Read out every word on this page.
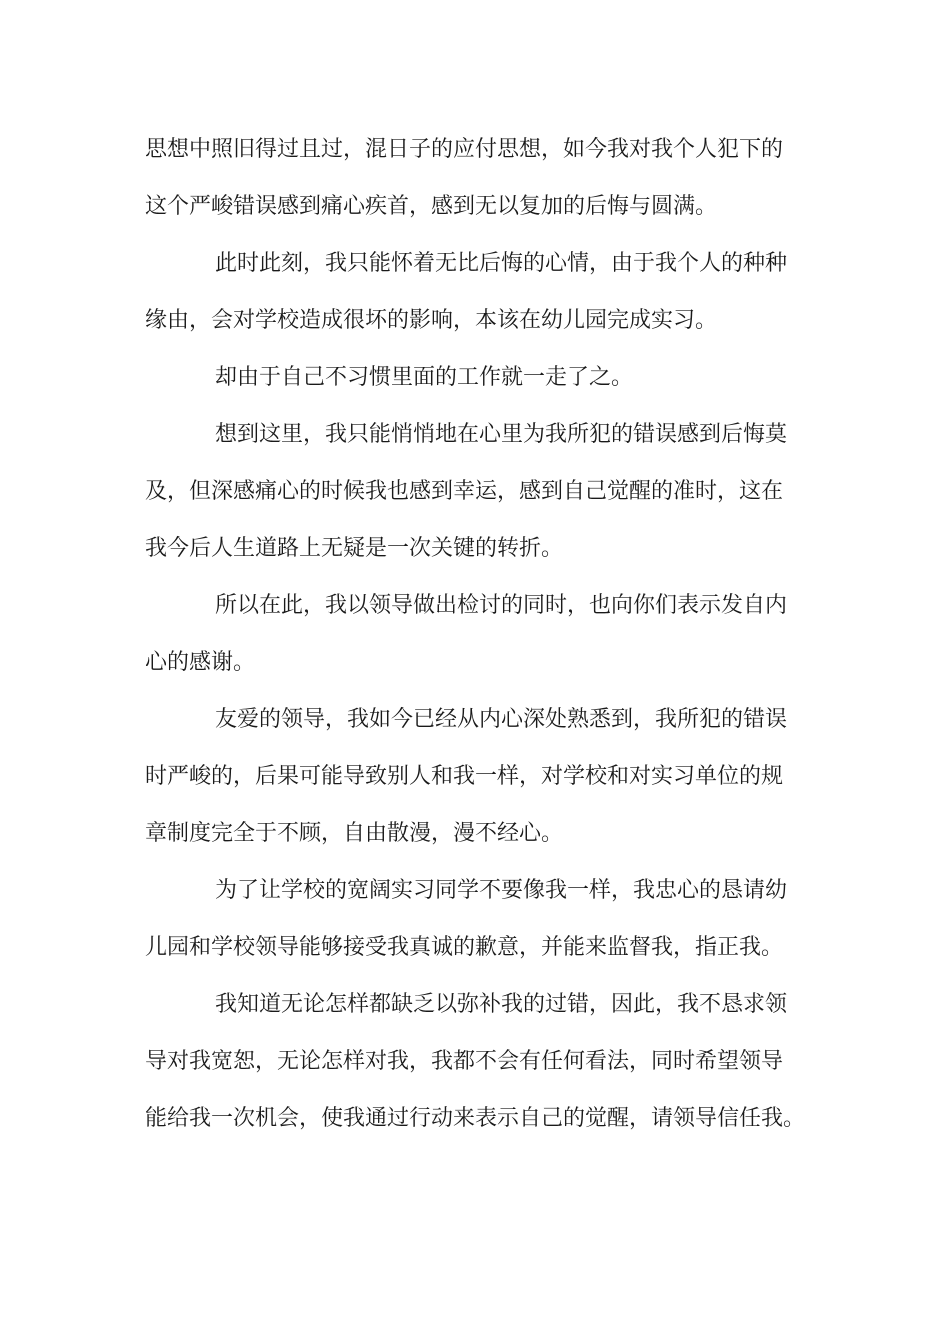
思想中照旧得过且过，混日子的应付思想，如今我对我个人犯下的
这个严峻错误感到痛心疾首，感到无以复加的后悔与圆满。
此时此刻，我只能怀着无比后悔的心情，由于我个人的种种
缘由，会对学校造成很坏的影响，本该在幼儿园完成实习。
却由于自己不习惯里面的工作就一走了之。
想到这里，我只能悄悄地在心里为我所犯的错误感到后悔莫
及，但深感痛心的时候我也感到幸运，感到自己觉醒的准时，这在
我今后人生道路上无疑是一次关键的转折。
所以在此，我以领导做出检讨的同时，也向你们表示发自内
心的感谢。
友爱的领导，我如今已经从内心深处熟悉到，我所犯的错误
时严峻的，后果可能导致别人和我一样，对学校和对实习单位的规
章制度完全于不顾，自由散漫，漫不经心。
为了让学校的宽阔实习同学不要像我一样，我忠心的恳请幼
儿园和学校领导能够接受我真诚的歉意，并能来监督我，指正我。
我知道无论怎样都缺乏以弥补我的过错，因此，我不恳求领
导对我宽恕，无论怎样对我，我都不会有任何看法，同时希望领导
能给我一次机会，使我通过行动来表示自己的觉醒，请领导信任我。
